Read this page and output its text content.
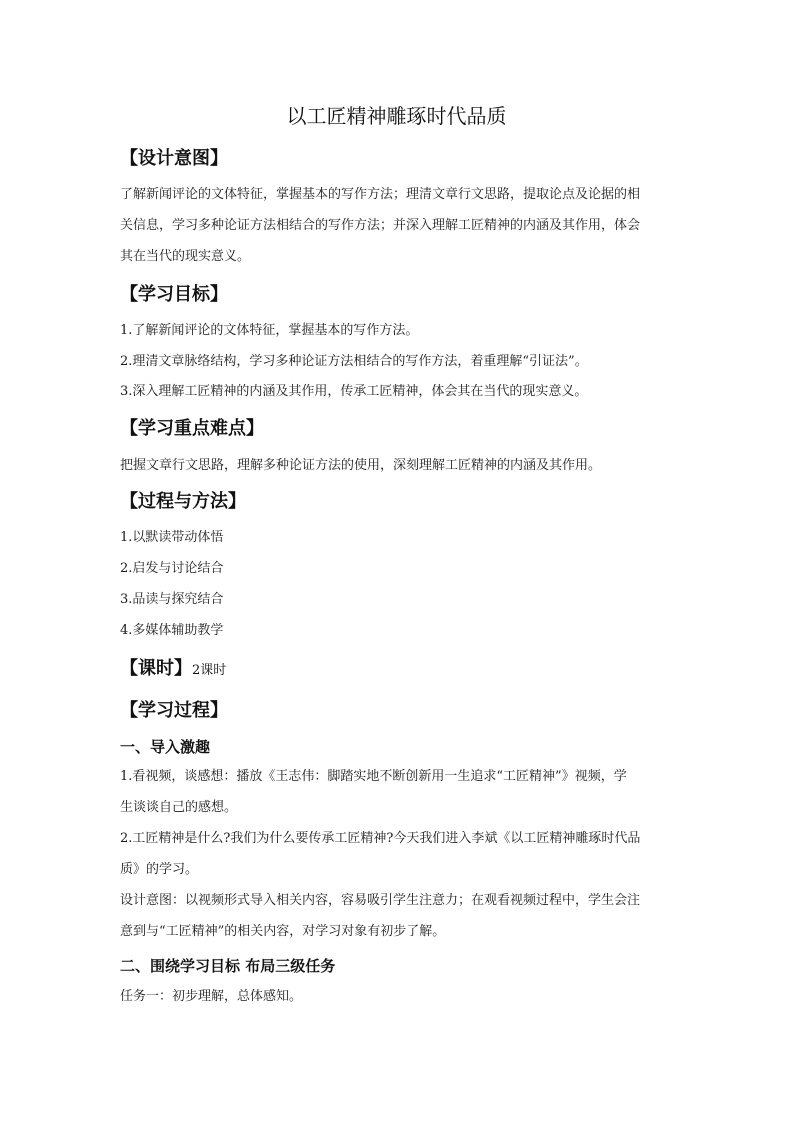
以工匠精神雕琢时代品质
【设计意图】
了解新闻评论的文体特征，掌握基本的写作方法；理清文章行文思路，提取论点及论据的相
关信息，学习多种论证方法相结合的写作方法；并深入理解工匠精神的内涵及其作用，体会
其在当代的现实意义。
【学习目标】
1.了解新闻评论的文体特征，掌握基本的写作方法。
2.理清文章脉络结构，学习多种论证方法相结合的写作方法，着重理解“引证法”。
3.深入理解工匠精神的内涵及其作用，传承工匠精神，体会其在当代的现实意义。
【学习重点难点】
把握文章行文思路，理解多种论证方法的使用，深刻理解工匠精神的内涵及其作用。
【过程与方法】
1.以默读带动体悟
2.启发与讨论结合
3.品读与探究结合
4.多媒体辅助教学
【课时】2课时
【学习过程】
一、导入激趣
1.看视频，谈感想：播放《王志伟：脚踏实地不断创新用一生追求“工匠精神”》视频，学
生谈谈自己的感想。
2.工匠精神是什么?我们为什么要传承工匠精神?今天我们进入李斌《以工匠精神雕琢时代品
质》的学习。
设计意图：以视频形式导入相关内容，容易吸引学生注意力；在观看视频过程中，学生会注
意到与“工匠精神”的相关内容，对学习对象有初步了解。
二、围绕学习目标 布局三级任务
任务一：初步理解，总体感知。
